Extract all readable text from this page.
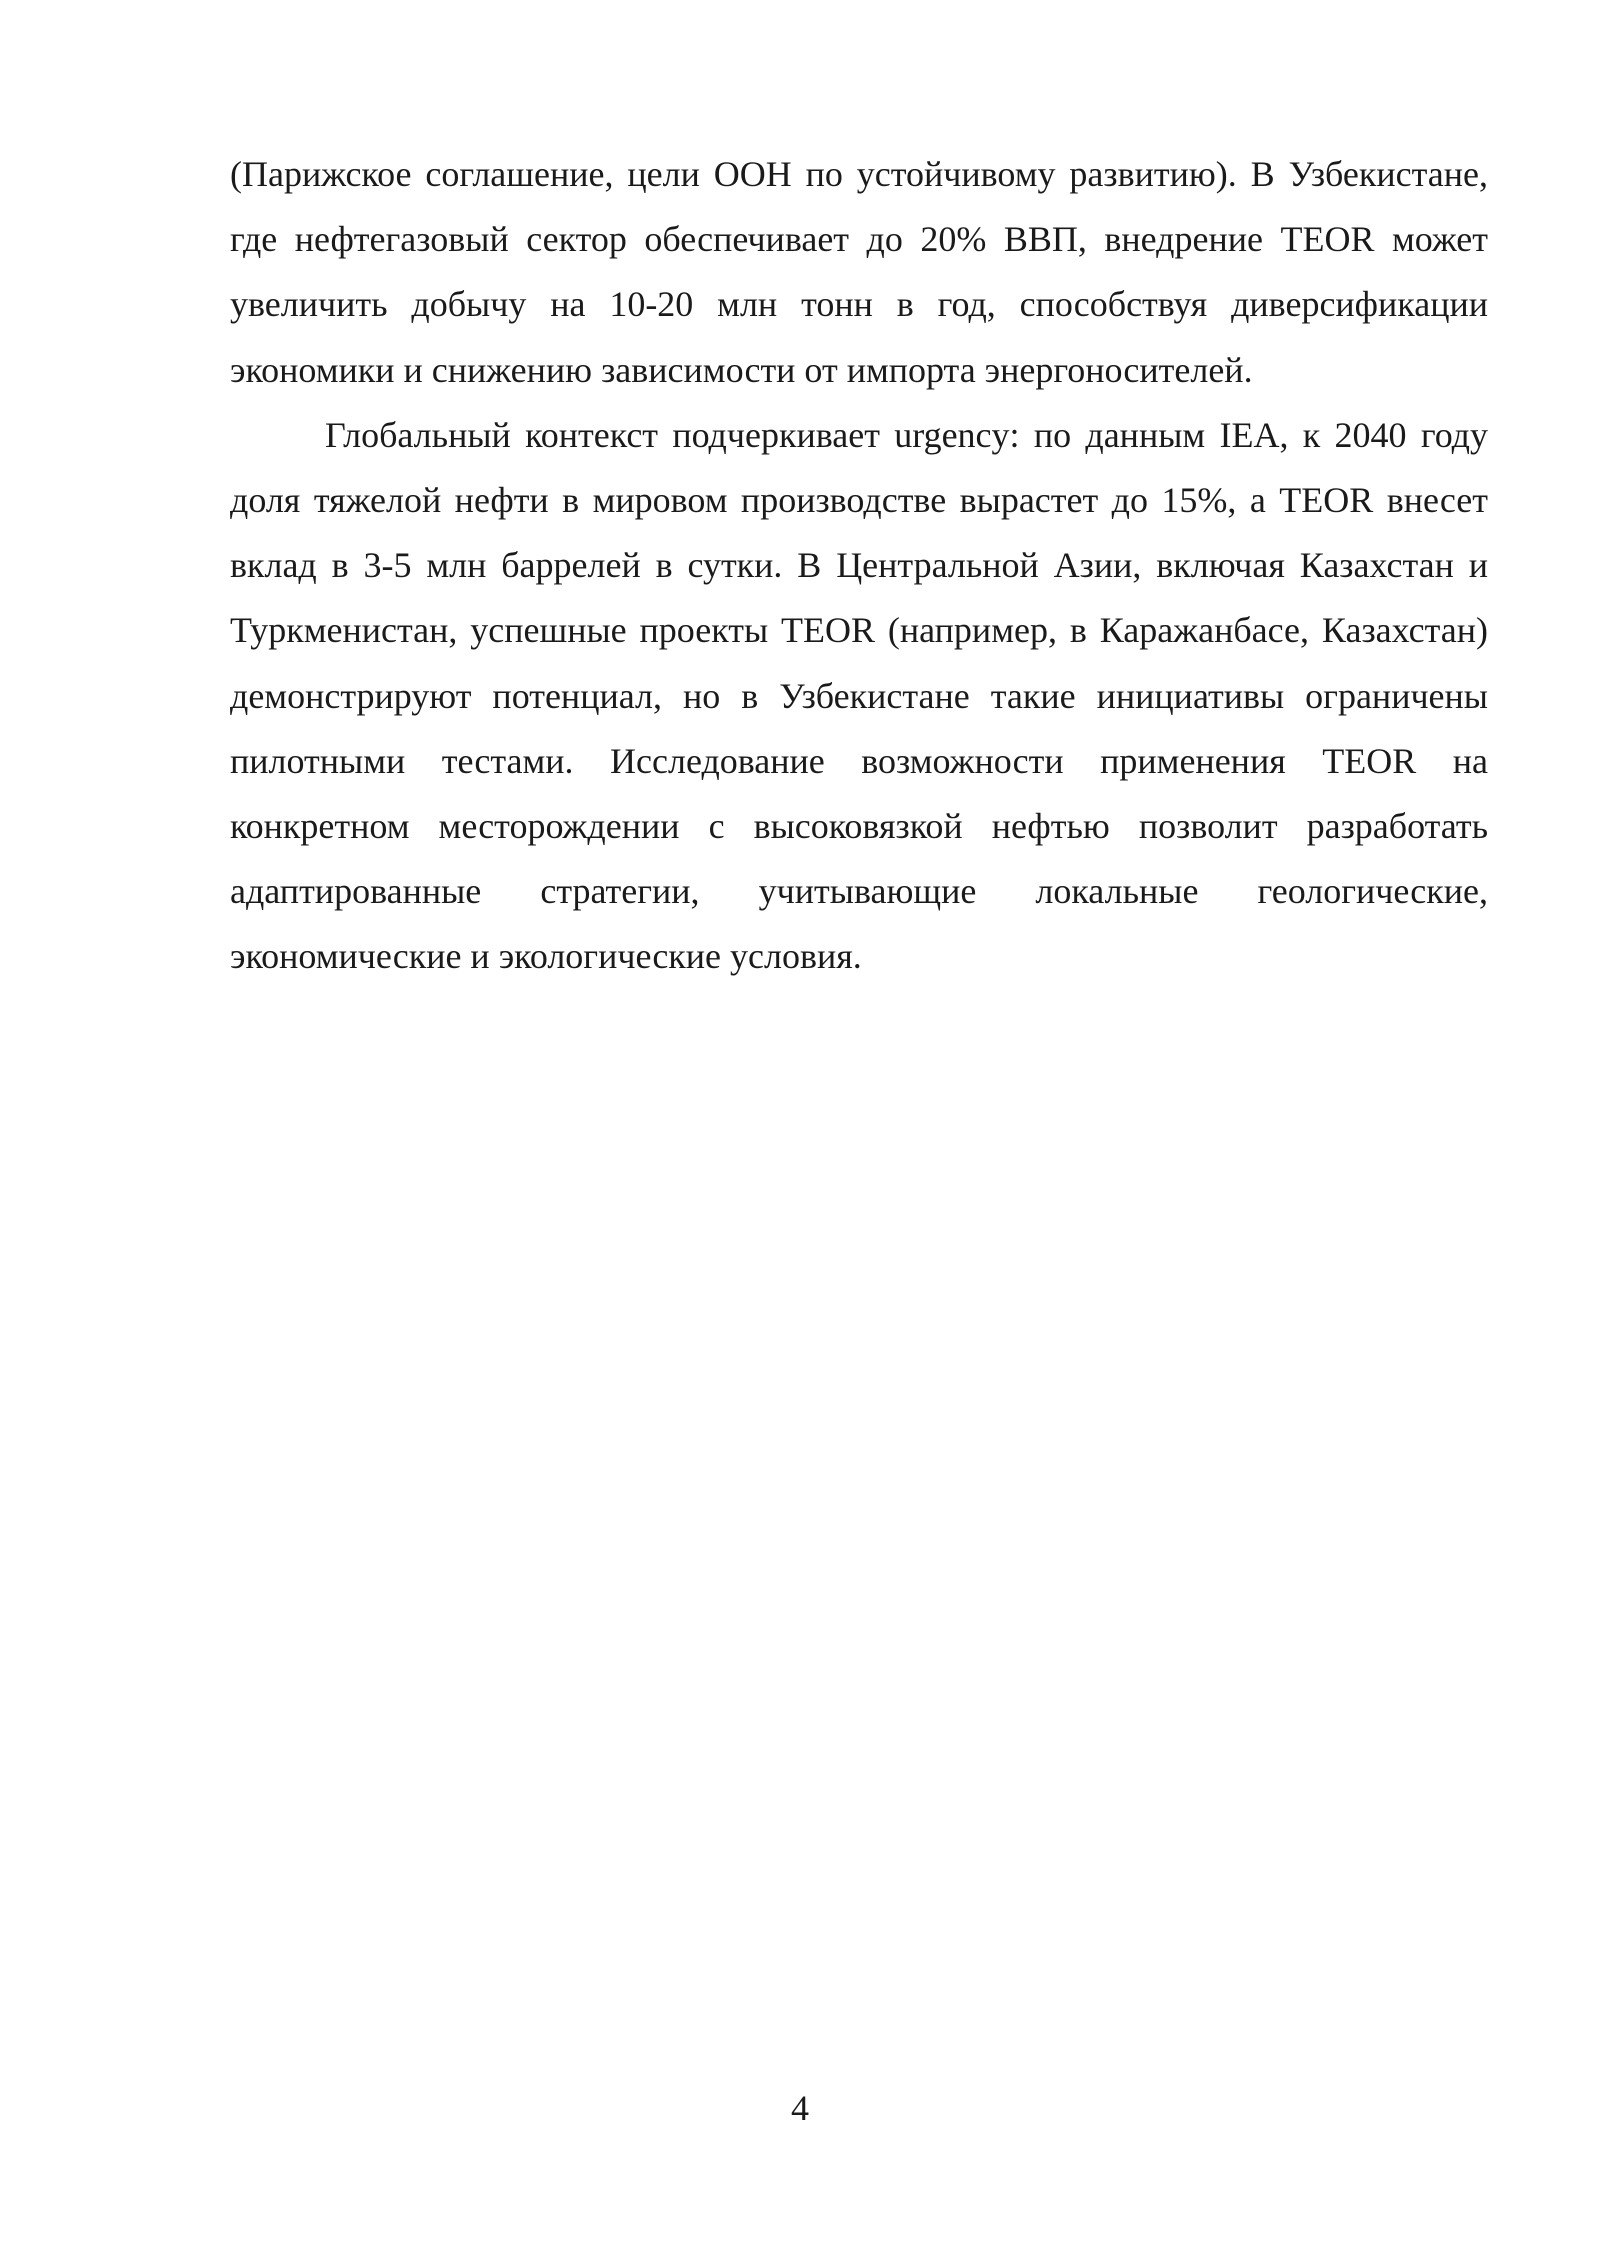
(Парижское соглашение, цели ООН по устойчивому развитию). В Узбекистане, где нефтегазовый сектор обеспечивает до 20% ВВП, внедрение TEOR может увеличить добычу на 10-20 млн тонн в год, способствуя диверсификации экономики и снижению зависимости от импорта энергоносителей.

Глобальный контекст подчеркивает urgency: по данным IEA, к 2040 году доля тяжелой нефти в мировом производстве вырастет до 15%, а TEOR внесет вклад в 3-5 млн баррелей в сутки. В Центральной Азии, включая Казахстан и Туркменистан, успешные проекты TEOR (например, в Каражанбасе, Казахстан) демонстрируют потенциал, но в Узбекистане такие инициативы ограничены пилотными тестами. Исследование возможности применения TEOR на конкретном месторождении с высоковязкой нефтью позволит разработать адаптированные стратегии, учитывающие локальные геологические, экономические и экологические условия.

4
